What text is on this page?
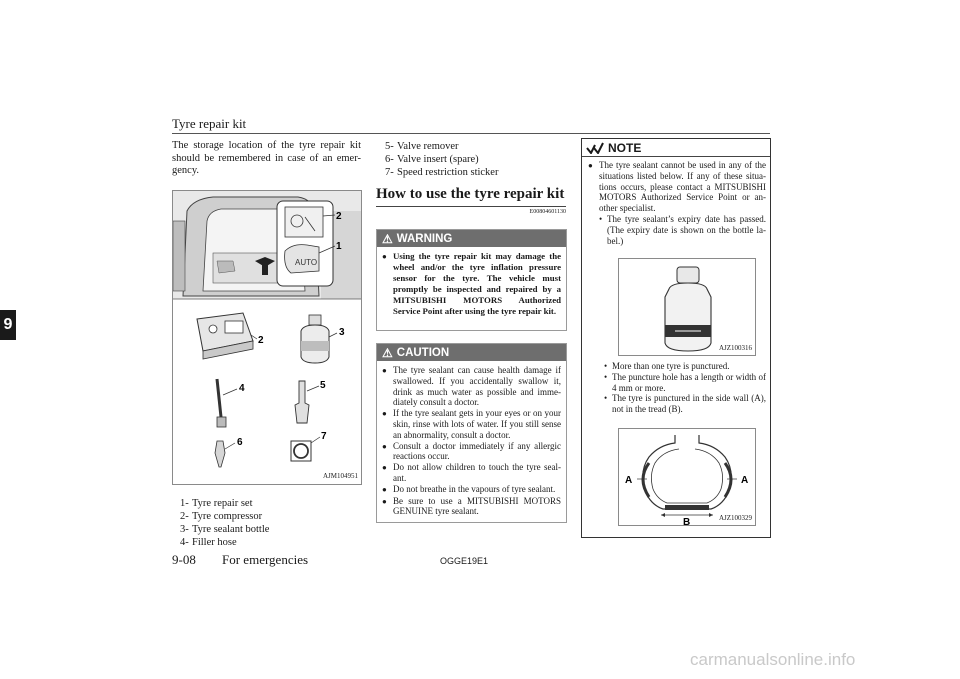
Tyre repair kit
9
The storage location of the tyre repair kit should be remembered in case of an emer-gency.
AUTO
2
1
2
3
4	5
6
7
AJM104951
1- Tyre repair set
2- Tyre compressor
3- Tyre sealant bottle
4- Filler hose
5- Valve remover
6- Valve insert (spare)
7- Speed restriction sticker
How to use the tyre repair kit
E00804601130
⚠ WARNING
● Using the tyre repair kit may damage the wheel and/or the tyre inflation pressure sensor for the tyre. The vehicle must promptly be inspected and repaired by a MITSUBISHI MOTORS Authorized Service Point after using the tyre repair kit.
⚠ CAUTION
● The tyre sealant can cause health damage if swallowed. If you accidentally swallow it, drink as much water as possible and imme-diately consult a doctor.
● If the tyre sealant gets in your eyes or on your skin, rinse with lots of water. If you still sense an abnormality, consult a doctor.
● Consult a doctor immediately if any allergic reactions occur.
● Do not allow children to touch the tyre seal-ant.
● Do not breathe in the vapours of tyre sealant.
● Be sure to use a MITSUBISHI MOTORS GENUINE tyre sealant.
NOTE
● The tyre sealant cannot be used in any of the situations listed below. If any of these situa-tions occurs, please contact a MITSUBISHI MOTORS Authorized Service Point or an-other specialist.
• The tyre sealant’s expiry date has passed. (The expiry date is shown on the bottle la-bel.)
AJZ100316
• More than one tyre is punctured.
• The puncture hole has a length or width of 4 mm or more.
• The tyre is punctured in the side wall (A), not in the tread (B).
A	A
B	AJZ100329
9-08 For emergencies	OGGE19E1
carmanualsonline.info
